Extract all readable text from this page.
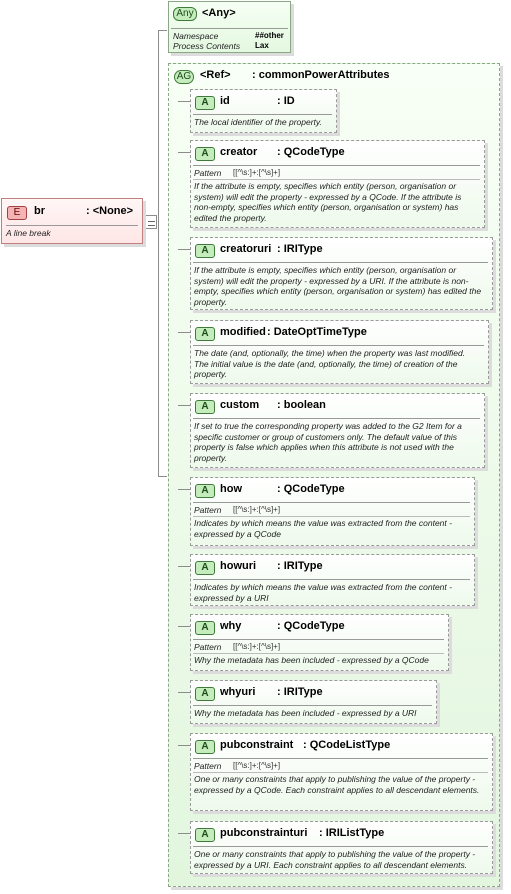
E	br	: <None>
A line break
Any <Any>
Namespace	##other
Process Contents Lax
AG <Ref> : commonPowerAttributes
A	id	: ID
The local identifier of the property.
A	creator : QCodeType
Pattern [[^\s:]+:[^\s]+]
If the attribute is empty, specifies which entity (person, organisation or system) will edit the property - expressed by a QCode. If the attribute is non-empty, specifies which entity (person, organisation or system) has edited the property.
A	creatoruri : IRIType
If the attribute is empty, specifies which entity (person, organisation or system) will edit the property - expressed by a URI. If the attribute is non-empty, specifies which entity (person, organisation or system) has edited the property.
A	modified : DateOptTimeType
The date (and, optionally, the time) when the property was last modified. The initial value is the date (and, optionally, the time) of creation of the property.
A	custom : boolean
If set to true the corresponding property was added to the G2 Item for a specific customer or group of customers only. The default value of this property is false which applies when this attribute is not used with the property.
A	how	: QCodeType
Pattern [[^\s:]+:[^\s]+]
Indicates by which means the value was extracted from the content - expressed by a QCode
A	howuri : IRIType
Indicates by which means the value was extracted from the content - expressed by a URI
A	why	: QCodeType
Pattern [[^\s:]+:[^\s]+]
Why the metadata has been included - expressed by a QCode
A	whyuri : IRIType
Why the metadata has been included - expressed by a URI
A	pubconstraint : QCodeListType
Pattern [[^\s:]+:[^\s]+]
One or many constraints that apply to publishing the value of the property - expressed by a QCode. Each constraint applies to all descendant elements.
A	pubconstrainturi : IRIListType
One or many constraints that apply to publishing the value of the property - expressed by a URI. Each constraint applies to all descendant elements.
